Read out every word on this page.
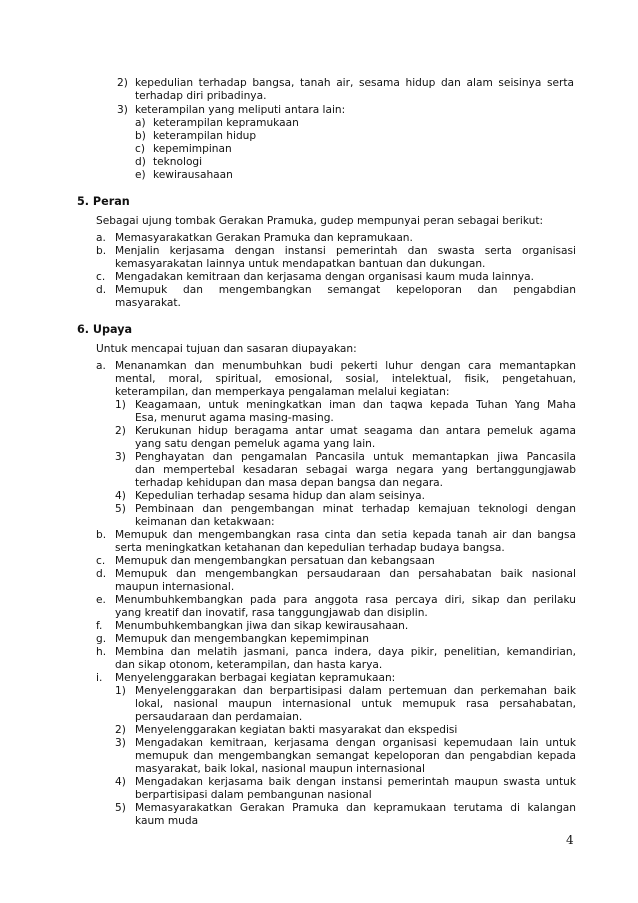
2) kepedulian terhadap bangsa, tanah air, sesama hidup dan alam seisinya serta
terhadap diri pribadinya.
3) keterampilan yang meliputi antara lain:
a) keterampilan kepramukaan
b) keterampilan hidup
c) kepemimpinan
d) teknologi
e) kewirausahaan
5. Peran
Sebagai ujung tombak Gerakan Pramuka, gudep mempunyai peran sebagai berikut:
a. Memasyarakatkan Gerakan Pramuka dan kepramukaan.
b. Menjalin kerjasama dengan instansi pemerintah dan swasta serta organisasi
kemasyarakatan lainnya untuk mendapatkan bantuan dan dukungan.
c. Mengadakan kemitraan dan kerjasama dengan organisasi kaum muda lainnya.
d. Memupuk dan mengembangkan semangat kepeloporan dan pengabdian
masyarakat.
6. Upaya
Untuk mencapai tujuan dan sasaran diupayakan:
a. Menanamkan dan menumbuhkan budi pekerti luhur dengan cara memantapkan
mental, moral, spiritual, emosional, sosial, intelektual, fisik, pengetahuan,
keterampilan, dan memperkaya pengalaman melalui kegiatan:
1) Keagamaan, untuk meningkatkan iman dan taqwa kepada Tuhan Yang Maha
Esa, menurut agama masing-masing.
2) Kerukunan hidup beragama antar umat seagama dan antara pemeluk agama
yang satu dengan pemeluk agama yang lain.
3) Penghayatan dan pengamalan Pancasila untuk memantapkan jiwa Pancasila
dan mempertebal kesadaran sebagai warga negara yang bertanggungjawab
terhadap kehidupan dan masa depan bangsa dan negara.
4) Kepedulian terhadap sesama hidup dan alam seisinya.
5) Pembinaan dan pengembangan minat terhadap kemajuan teknologi dengan
keimanan dan ketakwaan:
b. Memupuk dan mengembangkan rasa cinta dan setia kepada tanah air dan bangsa
serta meningkatkan ketahanan dan kepedulian terhadap budaya bangsa.
c. Memupuk dan mengembangkan persatuan dan kebangsaan
d. Memupuk dan mengembangkan persaudaraan dan persahabatan baik nasional
maupun internasional.
e. Menumbuhkembangkan pada para anggota rasa percaya diri, sikap dan perilaku
yang kreatif dan inovatif, rasa tanggungjawab dan disiplin.
f. Menumbuhkembangkan jiwa dan sikap kewirausahaan.
g. Memupuk dan mengembangkan kepemimpinan
h. Membina dan melatih jasmani, panca indera, daya pikir, penelitian, kemandirian,
dan sikap otonom, keterampilan, dan hasta karya.
i. Menyelenggarakan berbagai kegiatan kepramukaan:
1) Menyelenggarakan dan berpartisipasi dalam pertemuan dan perkemahan baik
lokal, nasional maupun internasional untuk memupuk rasa persahabatan,
persaudaraan dan perdamaian.
2) Menyelenggarakan kegiatan bakti masyarakat dan ekspedisi
3) Mengadakan kemitraan, kerjasama dengan organisasi kepemudaan lain untuk
memupuk dan mengembangkan semangat kepeloporan dan pengabdian kepada
masyarakat, baik lokal, nasional maupun internasional
4) Mengadakan kerjasama baik dengan instansi pemerintah maupun swasta untuk
berpartisipasi dalam pembangunan nasional
5) Memasyarakatkan Gerakan Pramuka dan kepramukaan terutama di kalangan
kaum muda
4
